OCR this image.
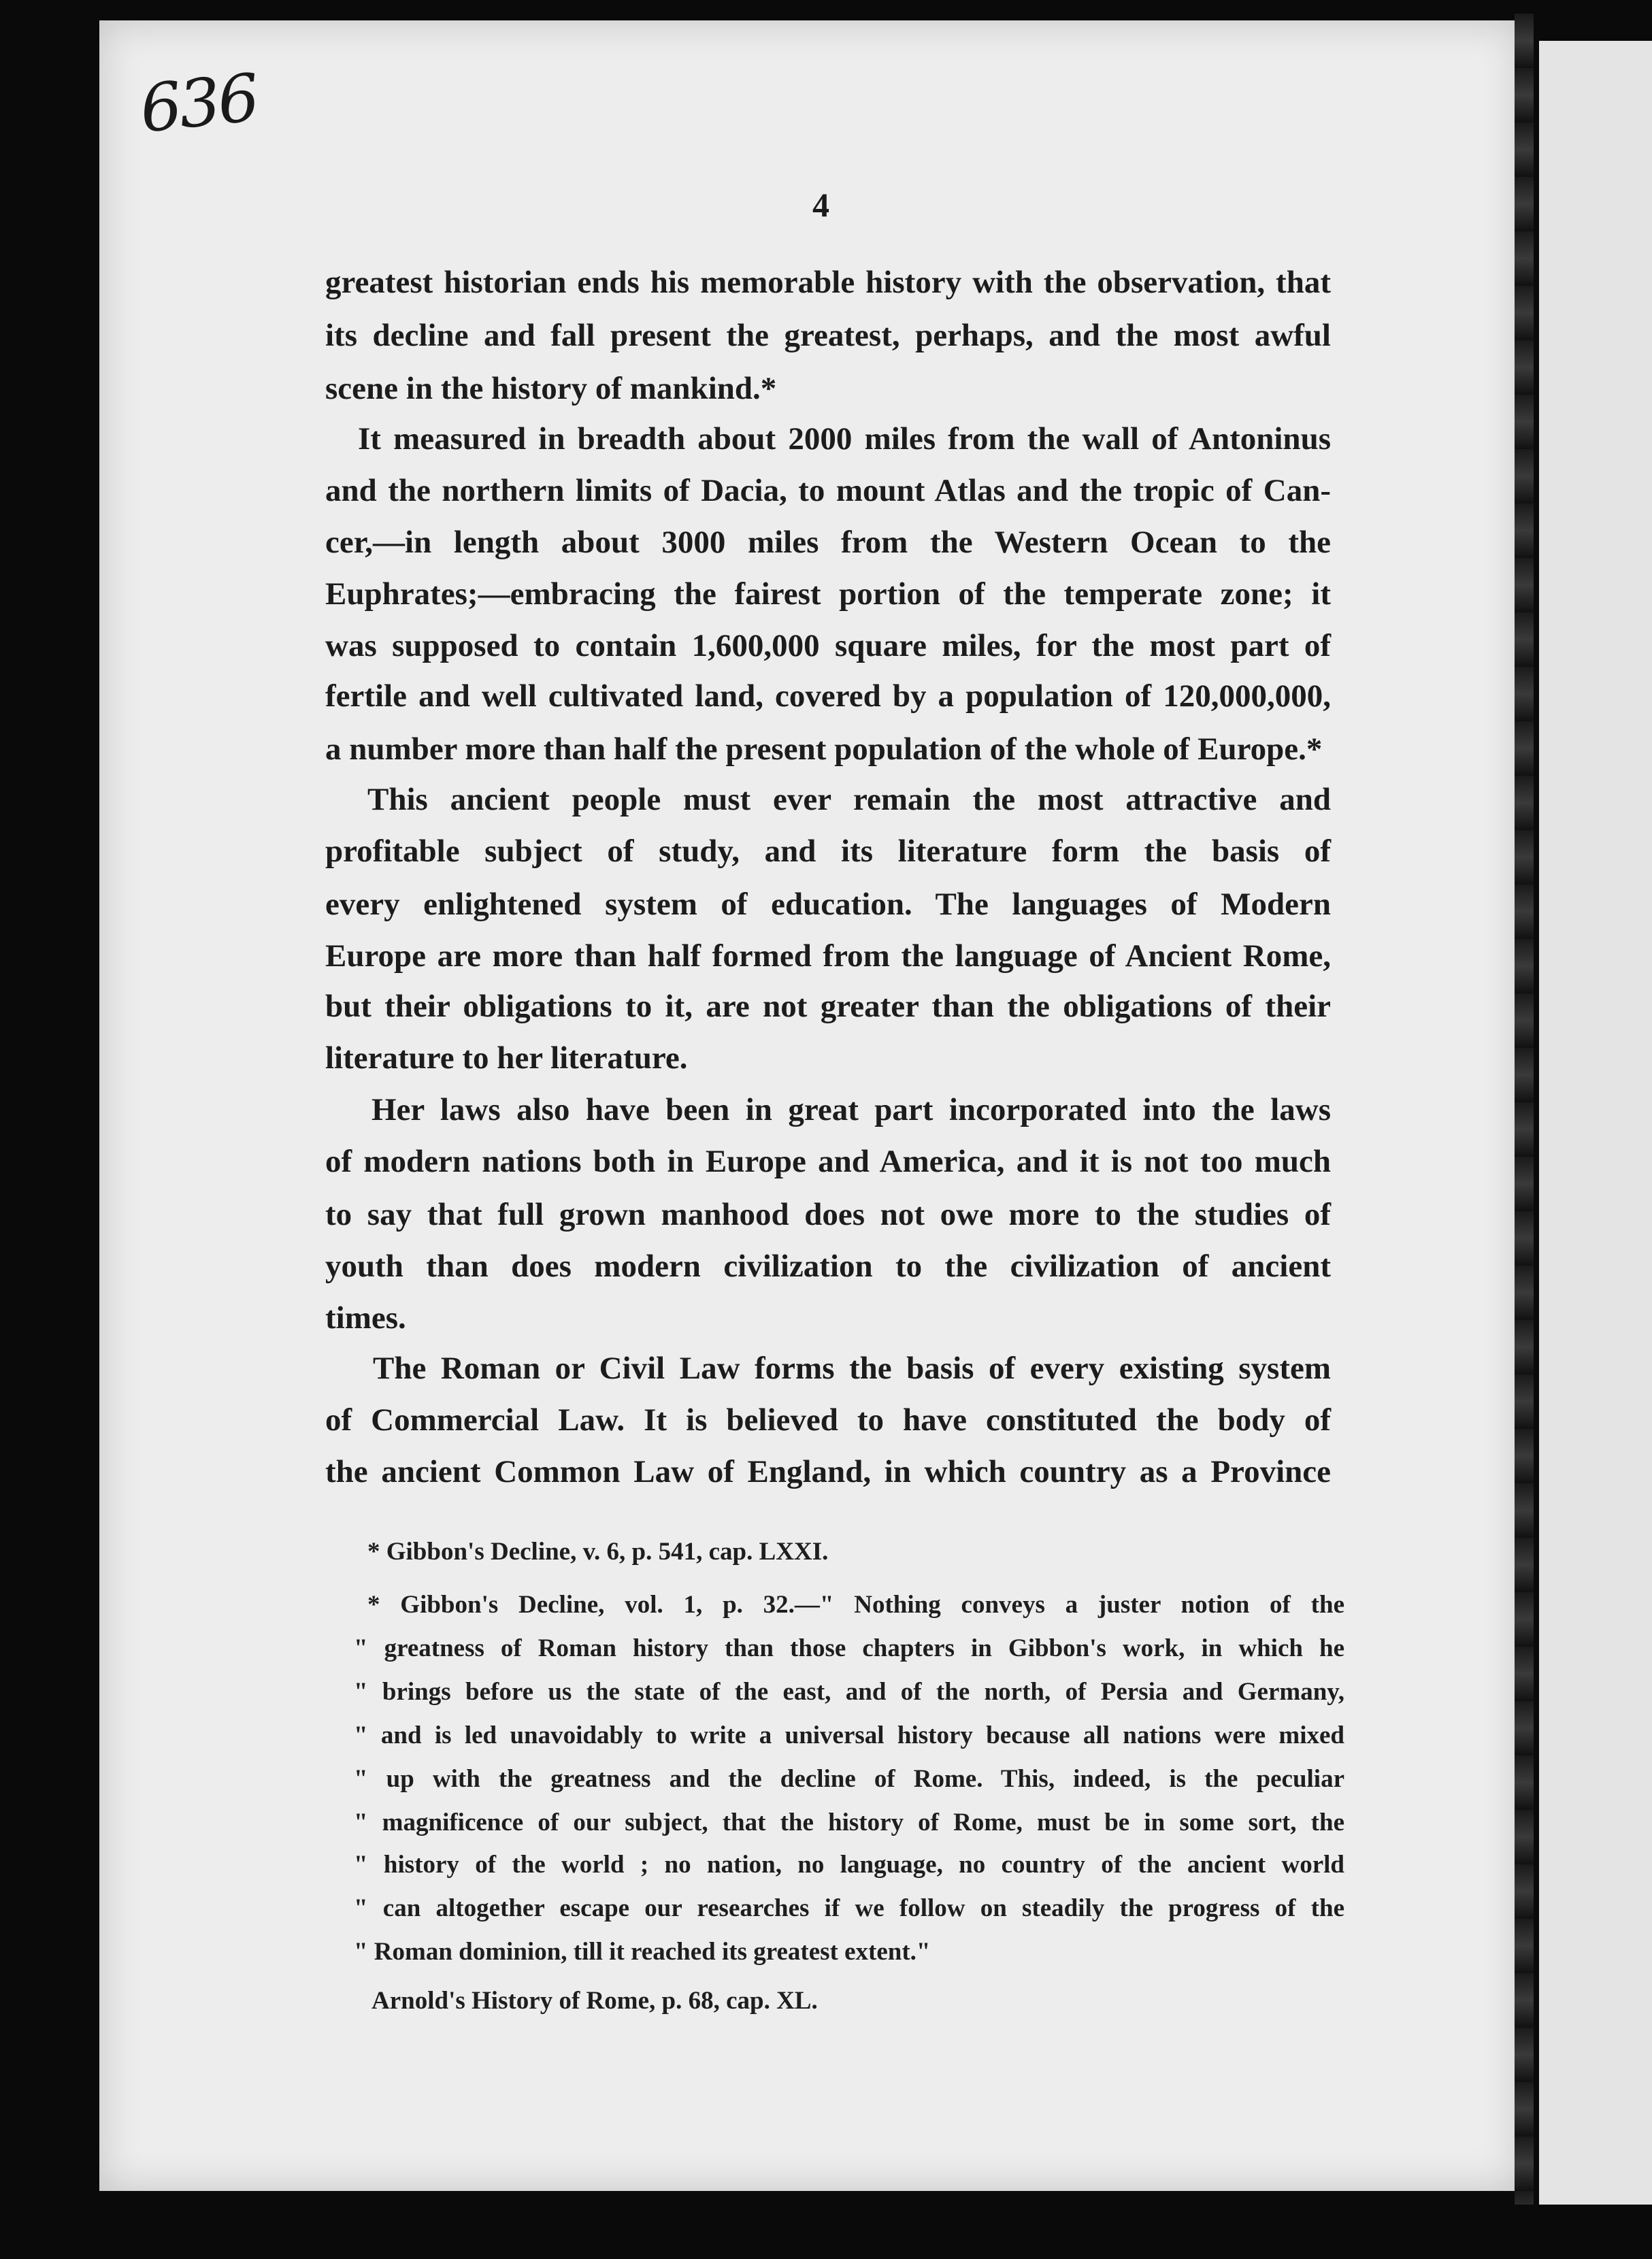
636
4
greatest historian ends his memorable history with the observation, that
its decline and fall present the greatest, perhaps, and the most awful
scene in the history of mankind.*
It measured in breadth about 2000 miles from the wall of Antoninus
and the northern limits of Dacia, to mount Atlas and the tropic of Can-
cer,—in length about 3000 miles from the Western Ocean to the
Euphrates;—embracing the fairest portion of the temperate zone; it
was supposed to contain 1,600,000 square miles, for the most part of
fertile and well cultivated land, covered by a population of 120,000,000,
a number more than half the present population of the whole of Europe.*
This ancient people must ever remain the most attractive and
profitable subject of study, and its literature form the basis of
every enlightened system of education. The languages of Modern
Europe are more than half formed from the language of Ancient Rome,
but their obligations to it, are not greater than the obligations of their
literature to her literature.
Her laws also have been in great part incorporated into the laws
of modern nations both in Europe and America, and it is not too much
to say that full grown manhood does not owe more to the studies of
youth than does modern civilization to the civilization of ancient
times.
The Roman or Civil Law forms the basis of every existing system
of Commercial Law. It is believed to have constituted the body of
the ancient Common Law of England, in which country as a Province
* Gibbon's Decline, v. 6, p. 541, cap. LXXI.
* Gibbon's Decline, vol. 1, p. 32.—" Nothing conveys a juster notion of the
" greatness of Roman history than those chapters in Gibbon's work, in which he
" brings before us the state of the east, and of the north, of Persia and Germany,
" and is led unavoidably to write a universal history because all nations were mixed
" up with the greatness and the decline of Rome. This, indeed, is the peculiar
" magnificence of our subject, that the history of Rome, must be in some sort, the
" history of the world ; no nation, no language, no country of the ancient world
" can altogether escape our researches if we follow on steadily the progress of the
" Roman dominion, till it reached its greatest extent."
Arnold's History of Rome, p. 68, cap. XL.
